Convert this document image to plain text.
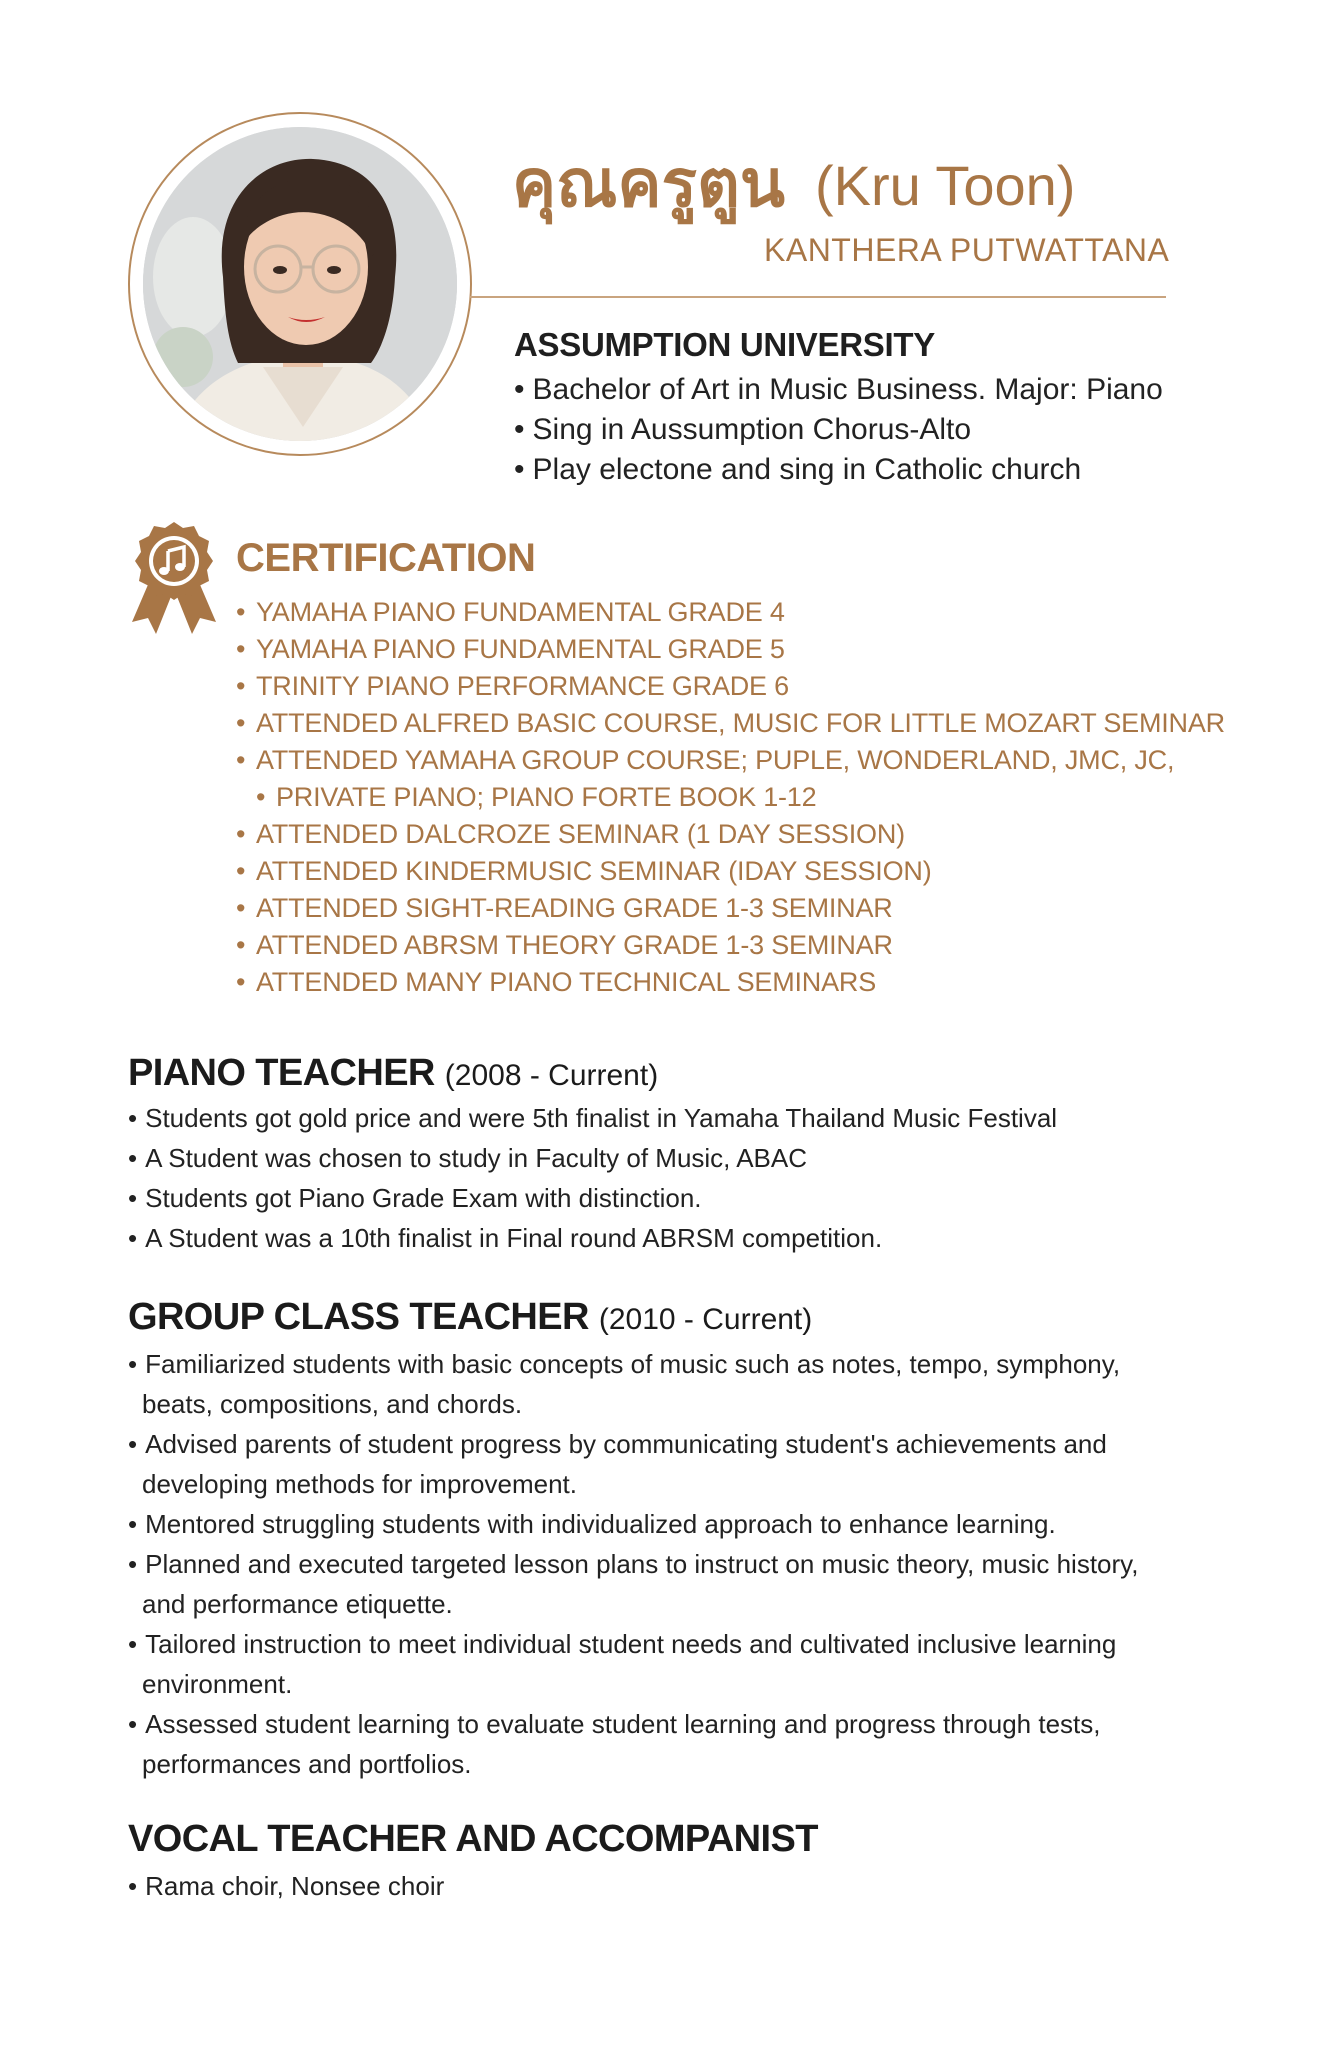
คุณครูตูน (Kru Toon)
KANTHERA PUTWATTANA
ASSUMPTION UNIVERSITY
• Bachelor of Art in Music Business. Major: Piano
• Sing in Aussumption Chorus-Alto
• Play electone and sing in Catholic church
CERTIFICATION
• YAMAHA PIANO FUNDAMENTAL GRADE 4
• YAMAHA PIANO FUNDAMENTAL GRADE 5
• TRINITY PIANO PERFORMANCE GRADE 6
• ATTENDED ALFRED BASIC COURSE, MUSIC FOR LITTLE MOZART SEMINAR
• ATTENDED YAMAHA GROUP COURSE; PUPLE, WONDERLAND, JMC, JC,
• PRIVATE PIANO; PIANO FORTE BOOK 1-12
• ATTENDED DALCROZE SEMINAR (1 DAY SESSION)
• ATTENDED KINDERMUSIC SEMINAR (IDAY SESSION)
• ATTENDED SIGHT-READING GRADE 1-3 SEMINAR
• ATTENDED ABRSM THEORY GRADE 1-3 SEMINAR
• ATTENDED MANY PIANO TECHNICAL SEMINARS
PIANO TEACHER (2008 - Current)
• Students got gold price and were 5th finalist in Yamaha Thailand Music Festival
• A Student was chosen to study in Faculty of Music, ABAC
• Students got Piano Grade Exam with distinction.
• A Student was a 10th finalist in Final round ABRSM competition.
GROUP CLASS TEACHER (2010 - Current)
• Familiarized students with basic concepts of music such as notes, tempo, symphony,
beats, compositions, and chords.
• Advised parents of student progress by communicating student's achievements and
developing methods for improvement.
• Mentored struggling students with individualized approach to enhance learning.
• Planned and executed targeted lesson plans to instruct on music theory, music history,
and performance etiquette.
• Tailored instruction to meet individual student needs and cultivated inclusive learning
environment.
• Assessed student learning to evaluate student learning and progress through tests,
performances and portfolios.
VOCAL TEACHER AND ACCOMPANIST
• Rama choir, Nonsee choir
